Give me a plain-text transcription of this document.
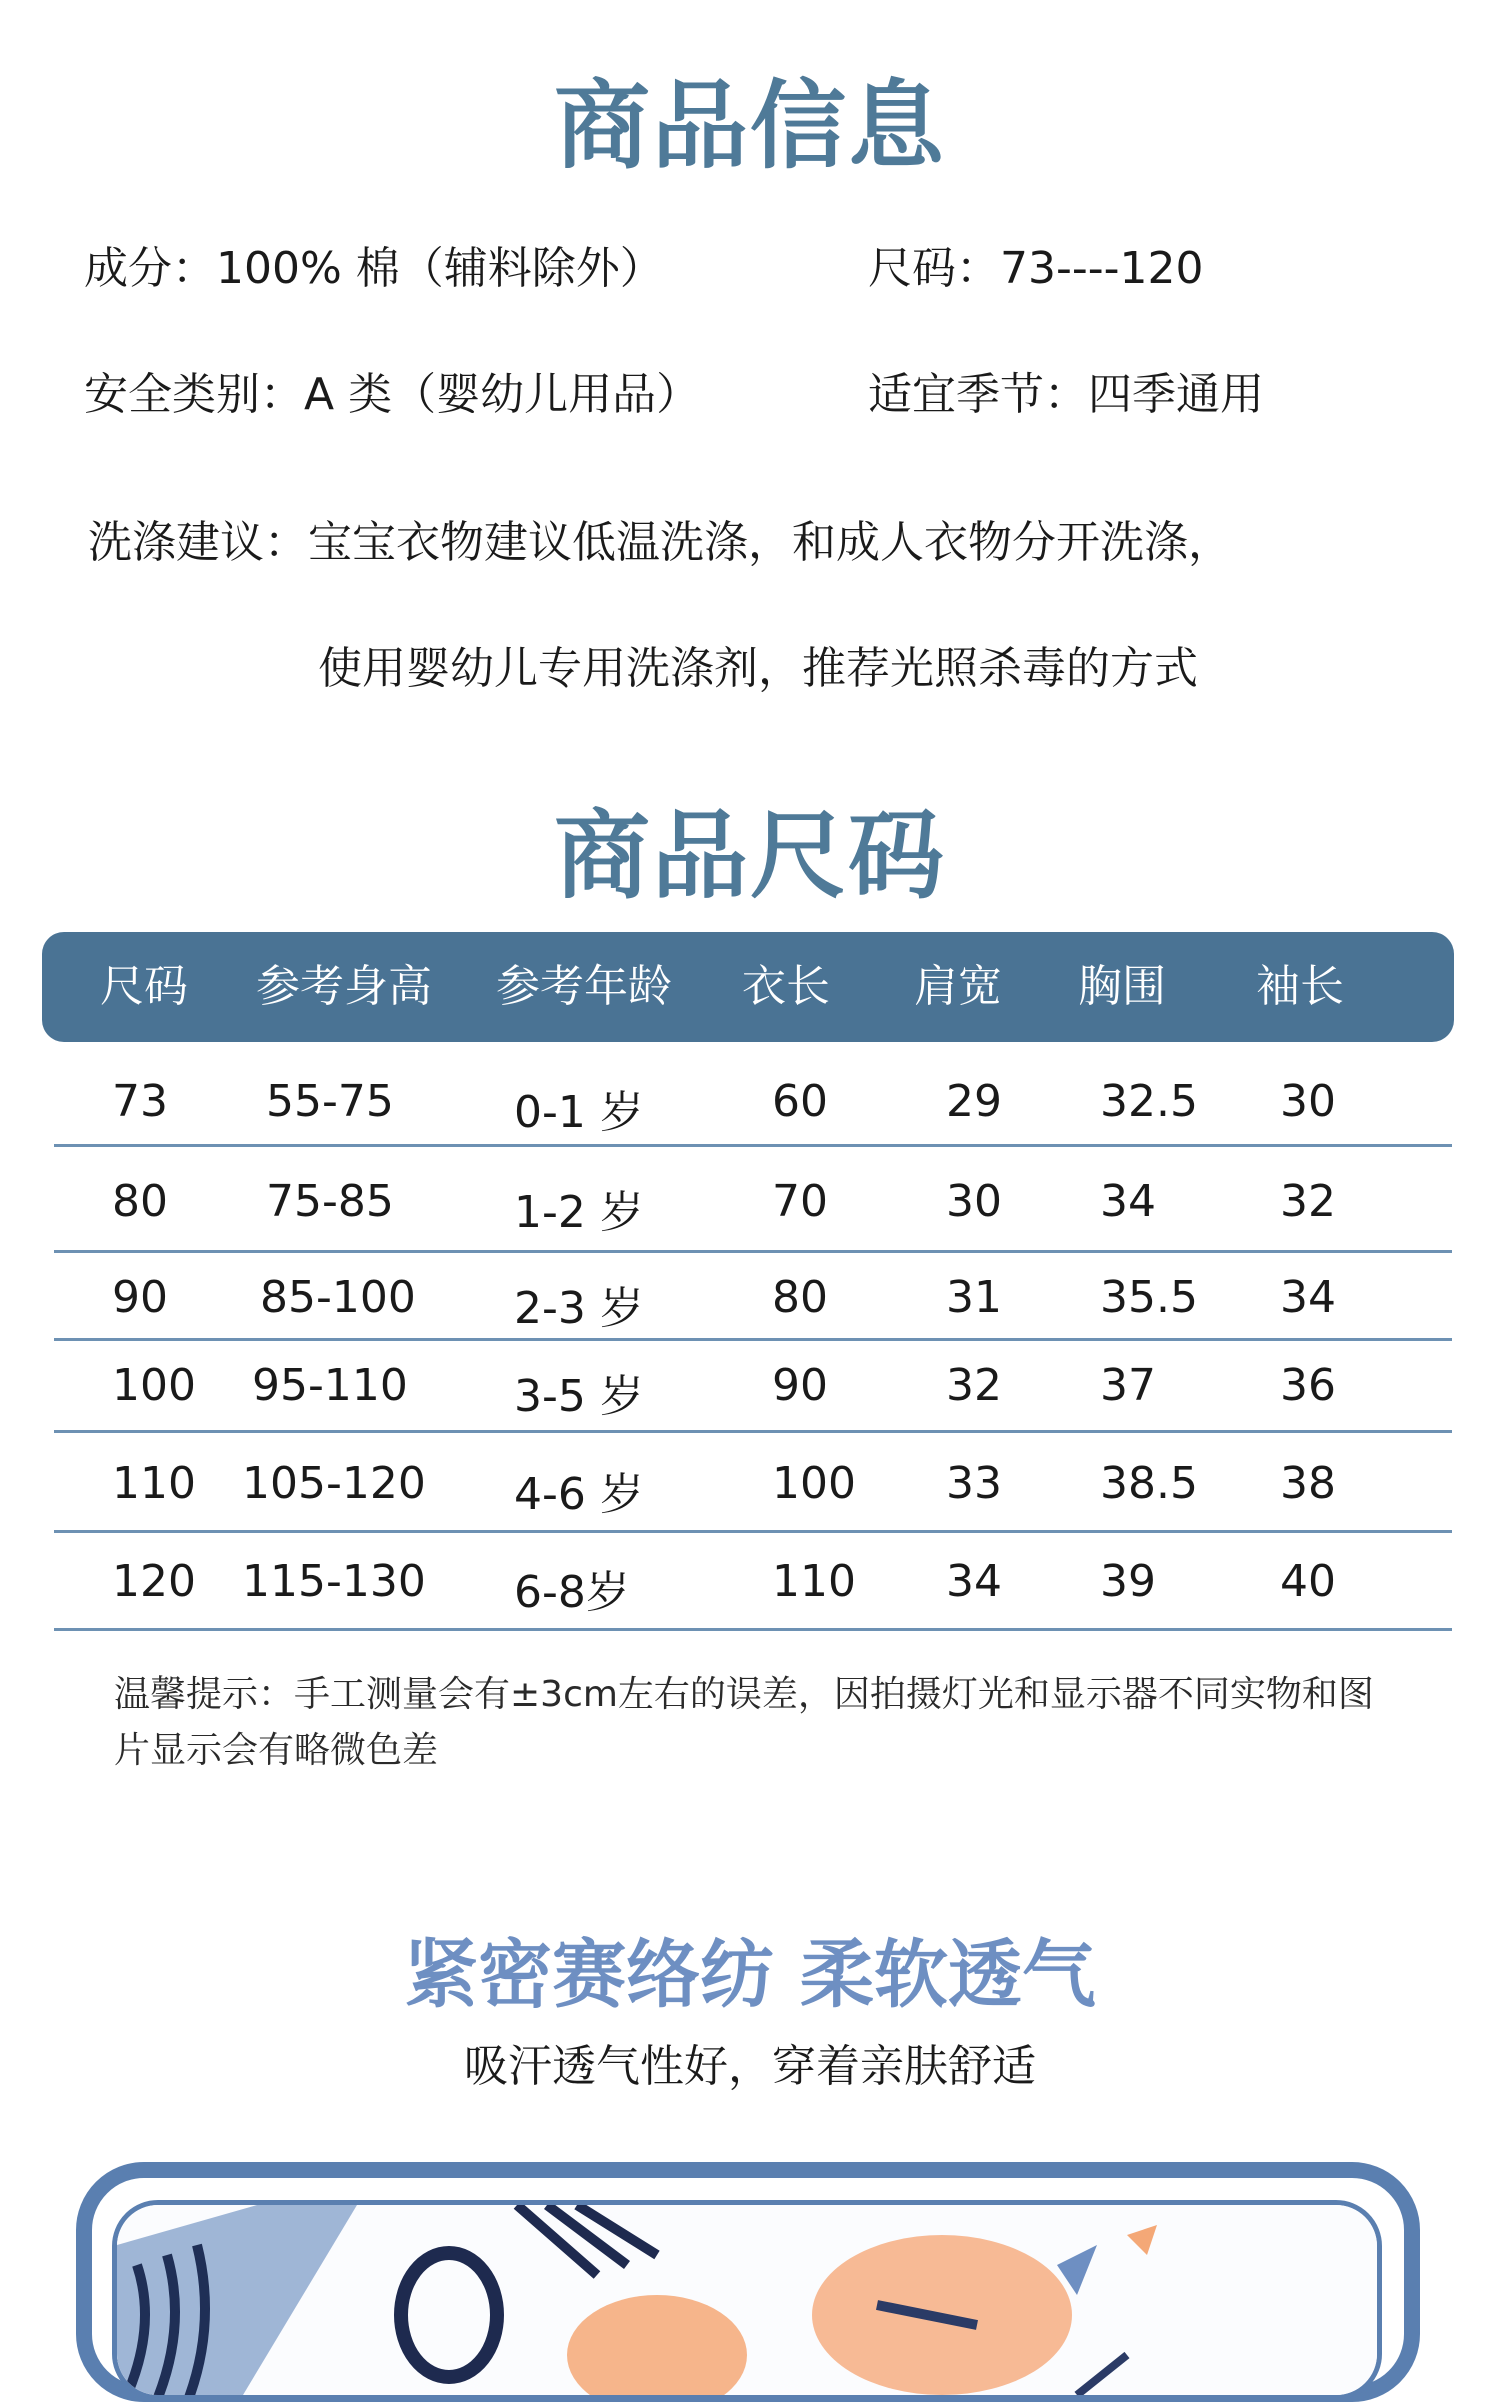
商品信息
成分：100% 棉（辅料除外）	尺码：73----120
安全类别：A 类（婴幼儿用品）	适宜季节：四季通用
洗涤建议：宝宝衣物建议低温洗涤，和成人衣物分开洗涤，
使用婴幼儿专用洗涤剂，推荐光照杀毒的方式
商品尺码
尺码 参考身高 参考年龄 衣长 肩宽 胸围 袖长
73 55-75	0-1 岁	60	29 32.5 30
80 75-85	1-2 岁	70	30 34	32
90 85-100 2-3 岁	80	31 35.5 34
100 95-110 3-5 岁	90	32 37	36
110 105-120 4-6 岁	100 33 38.5 38
120 115-130 6-8岁	110 34 39	40
温馨提示：手工测量会有±3cm左右的误差，因拍摄灯光和显示器不同实物和图
片显示会有略微色差
紧密赛络纺 柔软透气
吸汗透气性好，穿着亲肤舒适
